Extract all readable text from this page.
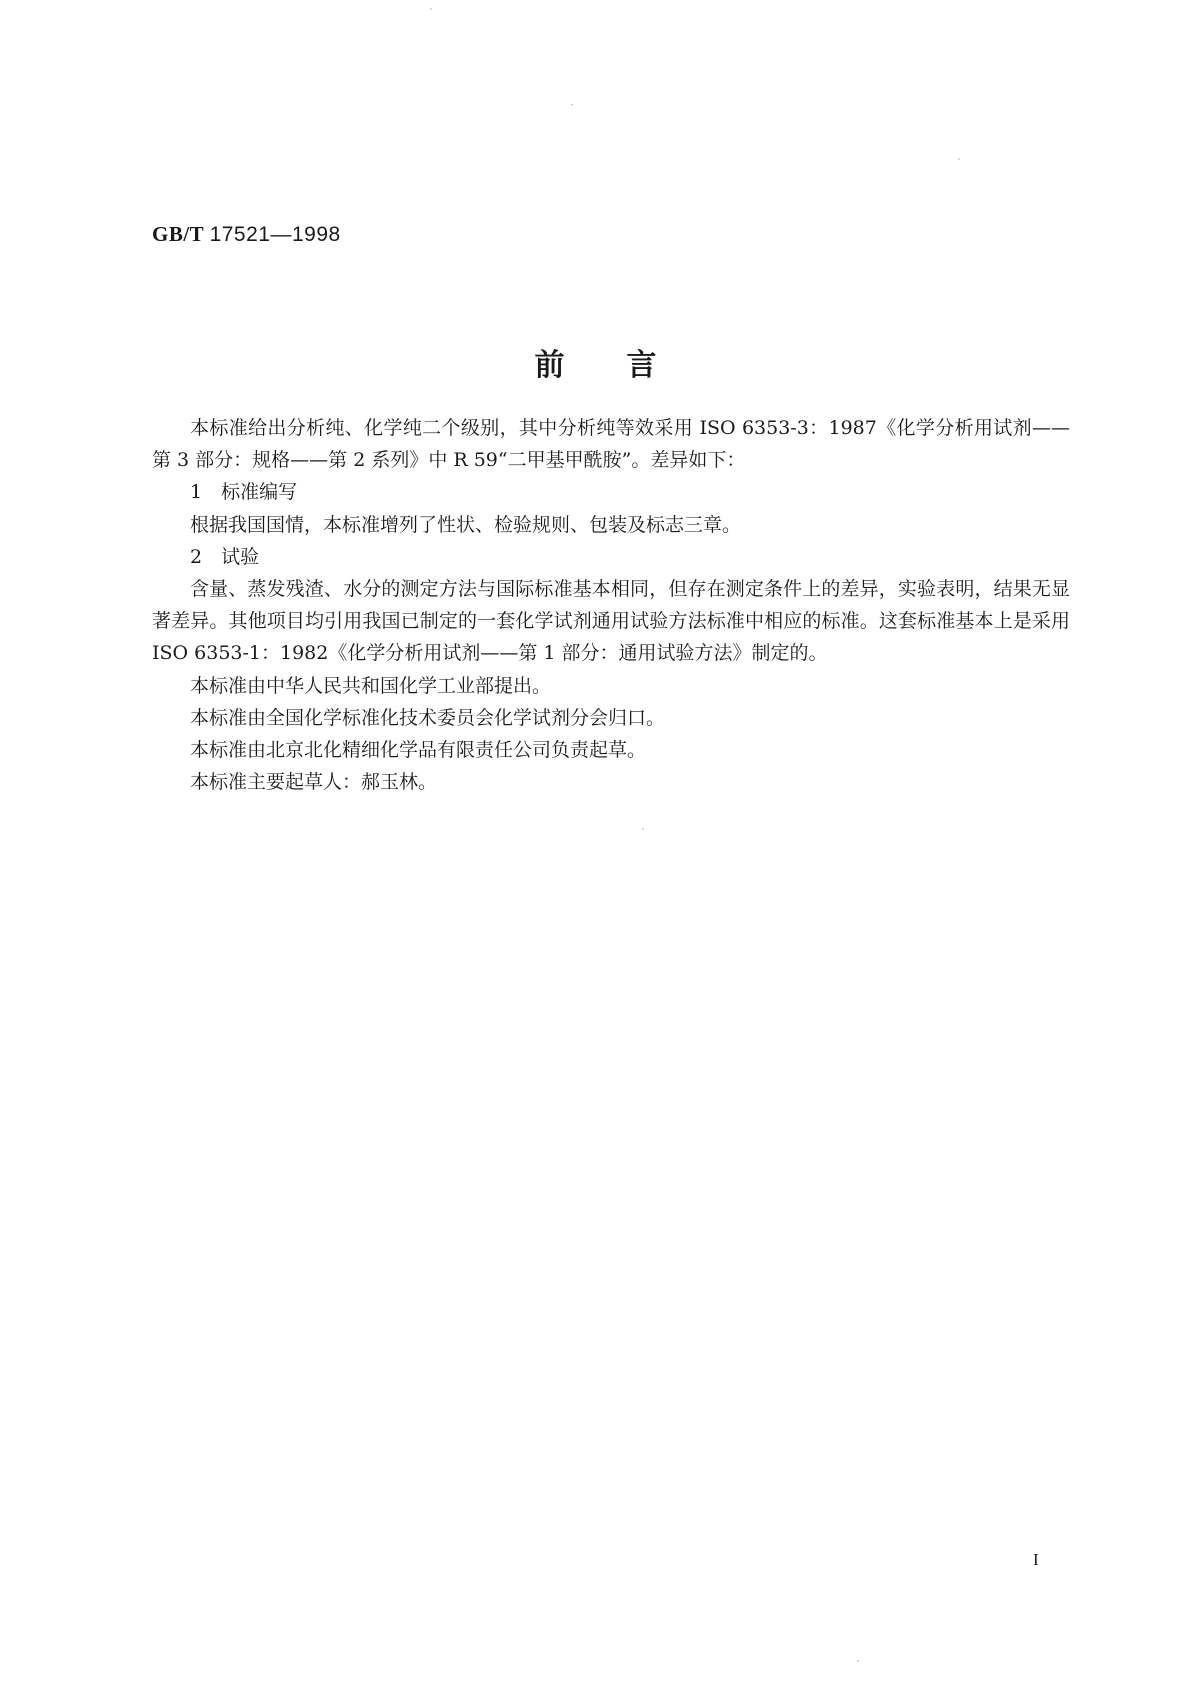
GB/T 17521—1998
前言

本标准给出分析纯、化学纯二个级别，其中分析纯等效采用 ISO 6353-3：1987《化学分析用试剂——第 3 部分：规格——第 2 系列》中 R 59“二甲基甲酰胺”。差异如下：

1　标准编写

根据我国国情，本标准增列了性状、检验规则、包装及标志三章。

2　试验

含量、蒸发残渣、水分的测定方法与国际标准基本相同，但存在测定条件上的差异，实验表明，结果无显著差异。其他项目均引用我国已制定的一套化学试剂通用试验方法标准中相应的标准。这套标准基本上是采用 ISO 6353-1：1982《化学分析用试剂——第 1 部分：通用试验方法》制定的。

本标准由中华人民共和国化学工业部提出。

本标准由全国化学标准化技术委员会化学试剂分会归口。

本标准由北京北化精细化学品有限责任公司负责起草。

本标准主要起草人：郝玉林。

I
